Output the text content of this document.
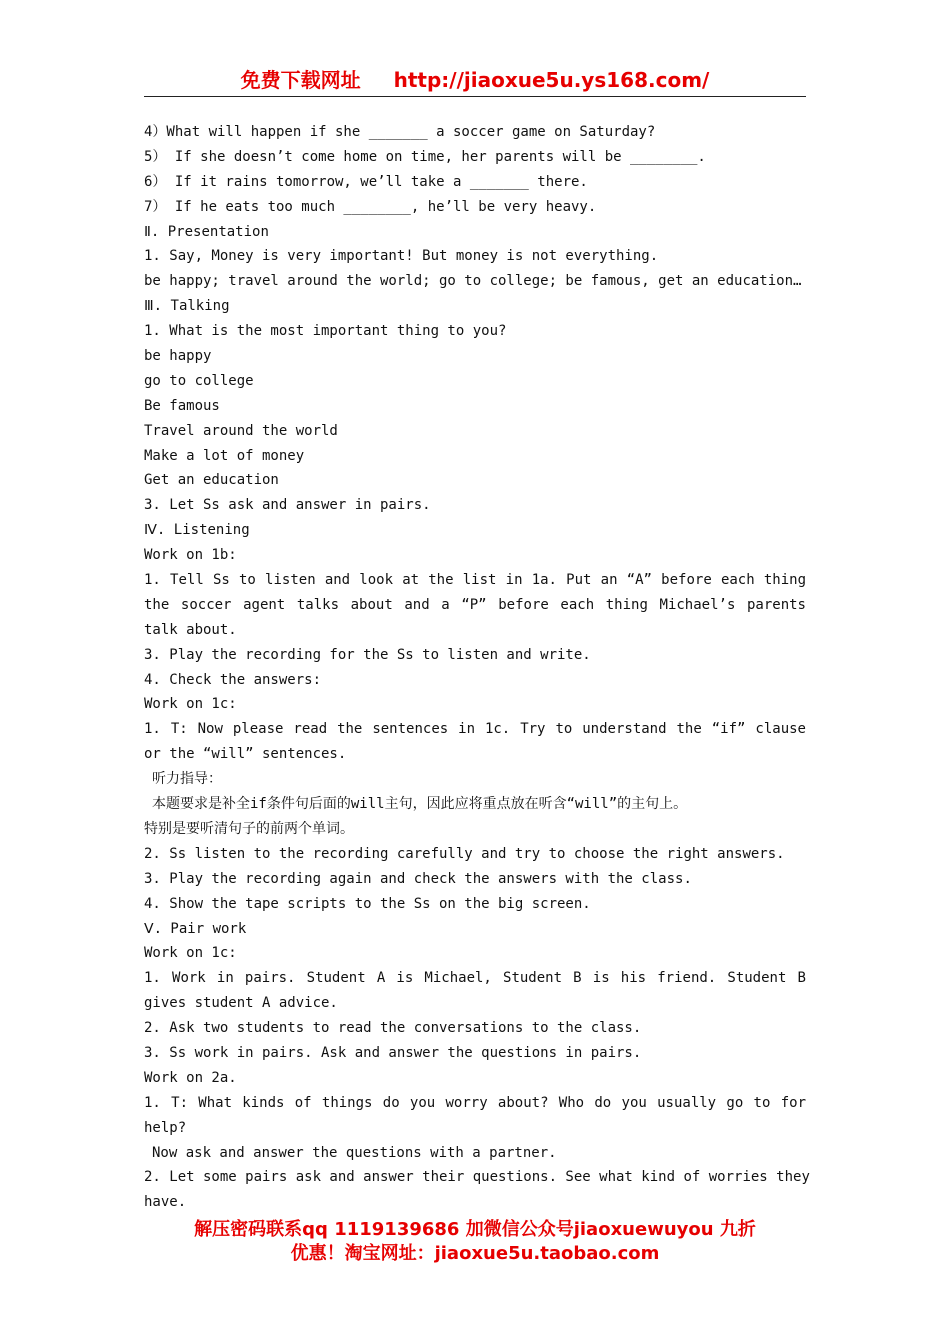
免费下载网址 http://jiaoxue5u.ys168.com/
4）What will happen if she _______ a soccer game on Saturday?
5） If she doesn’t come home on time, her parents will be ________.
6） If it rains tomorrow, we’ll take a _______ there.
7） If he eats too much ________, he’ll be very heavy.
Ⅱ. Presentation
1. Say, Money is very important! But money is not everything.
be happy; travel around the world; go to college; be famous, get an education…
Ⅲ. Talking
1. What is the most important thing to you?
be happy
go to college
Be famous
Travel around the world
Make a lot of money
Get an education
3. Let Ss ask and answer in pairs.
Ⅳ. Listening
Work on 1b:
1. Tell Ss to listen and look at the list in 1a. Put an “A” before each thing
the soccer agent talks about and a “P” before each thing Michael’s parents
talk about.
3. Play the recording for the Ss to listen and write.
4. Check the answers:
Work on 1c:
1. T: Now please read the sentences in 1c. Try to understand the “if” clause
or the “will” sentences.
听力指导：
本题要求是补全if条件句后面的will主句，因此应将重点放在听含“will”的主句上。
特别是要听清句子的前两个单词。
2. Ss listen to the recording carefully and try to choose the right answers.
3. Play the recording again and check the answers with the class.
4. Show the tape scripts to the Ss on the big screen.
Ⅴ. Pair work
Work on 1c:
1. Work in pairs. Student A is Michael, Student B is his friend. Student B
gives student A advice.
2. Ask two students to read the conversations to the class.
3. Ss work in pairs. Ask and answer the questions in pairs.
Work on 2a.
1. T: What kinds of things do you worry about? Who do you usually go to for
help?
Now ask and answer the questions with a partner.
2. Let some pairs ask and answer their questions. See what kind of worries they
have.
解压密码联系qq 1119139686 加微信公众号jiaoxuewuyou 九折
优惠！淘宝网址：jiaoxue5u.taobao.com
